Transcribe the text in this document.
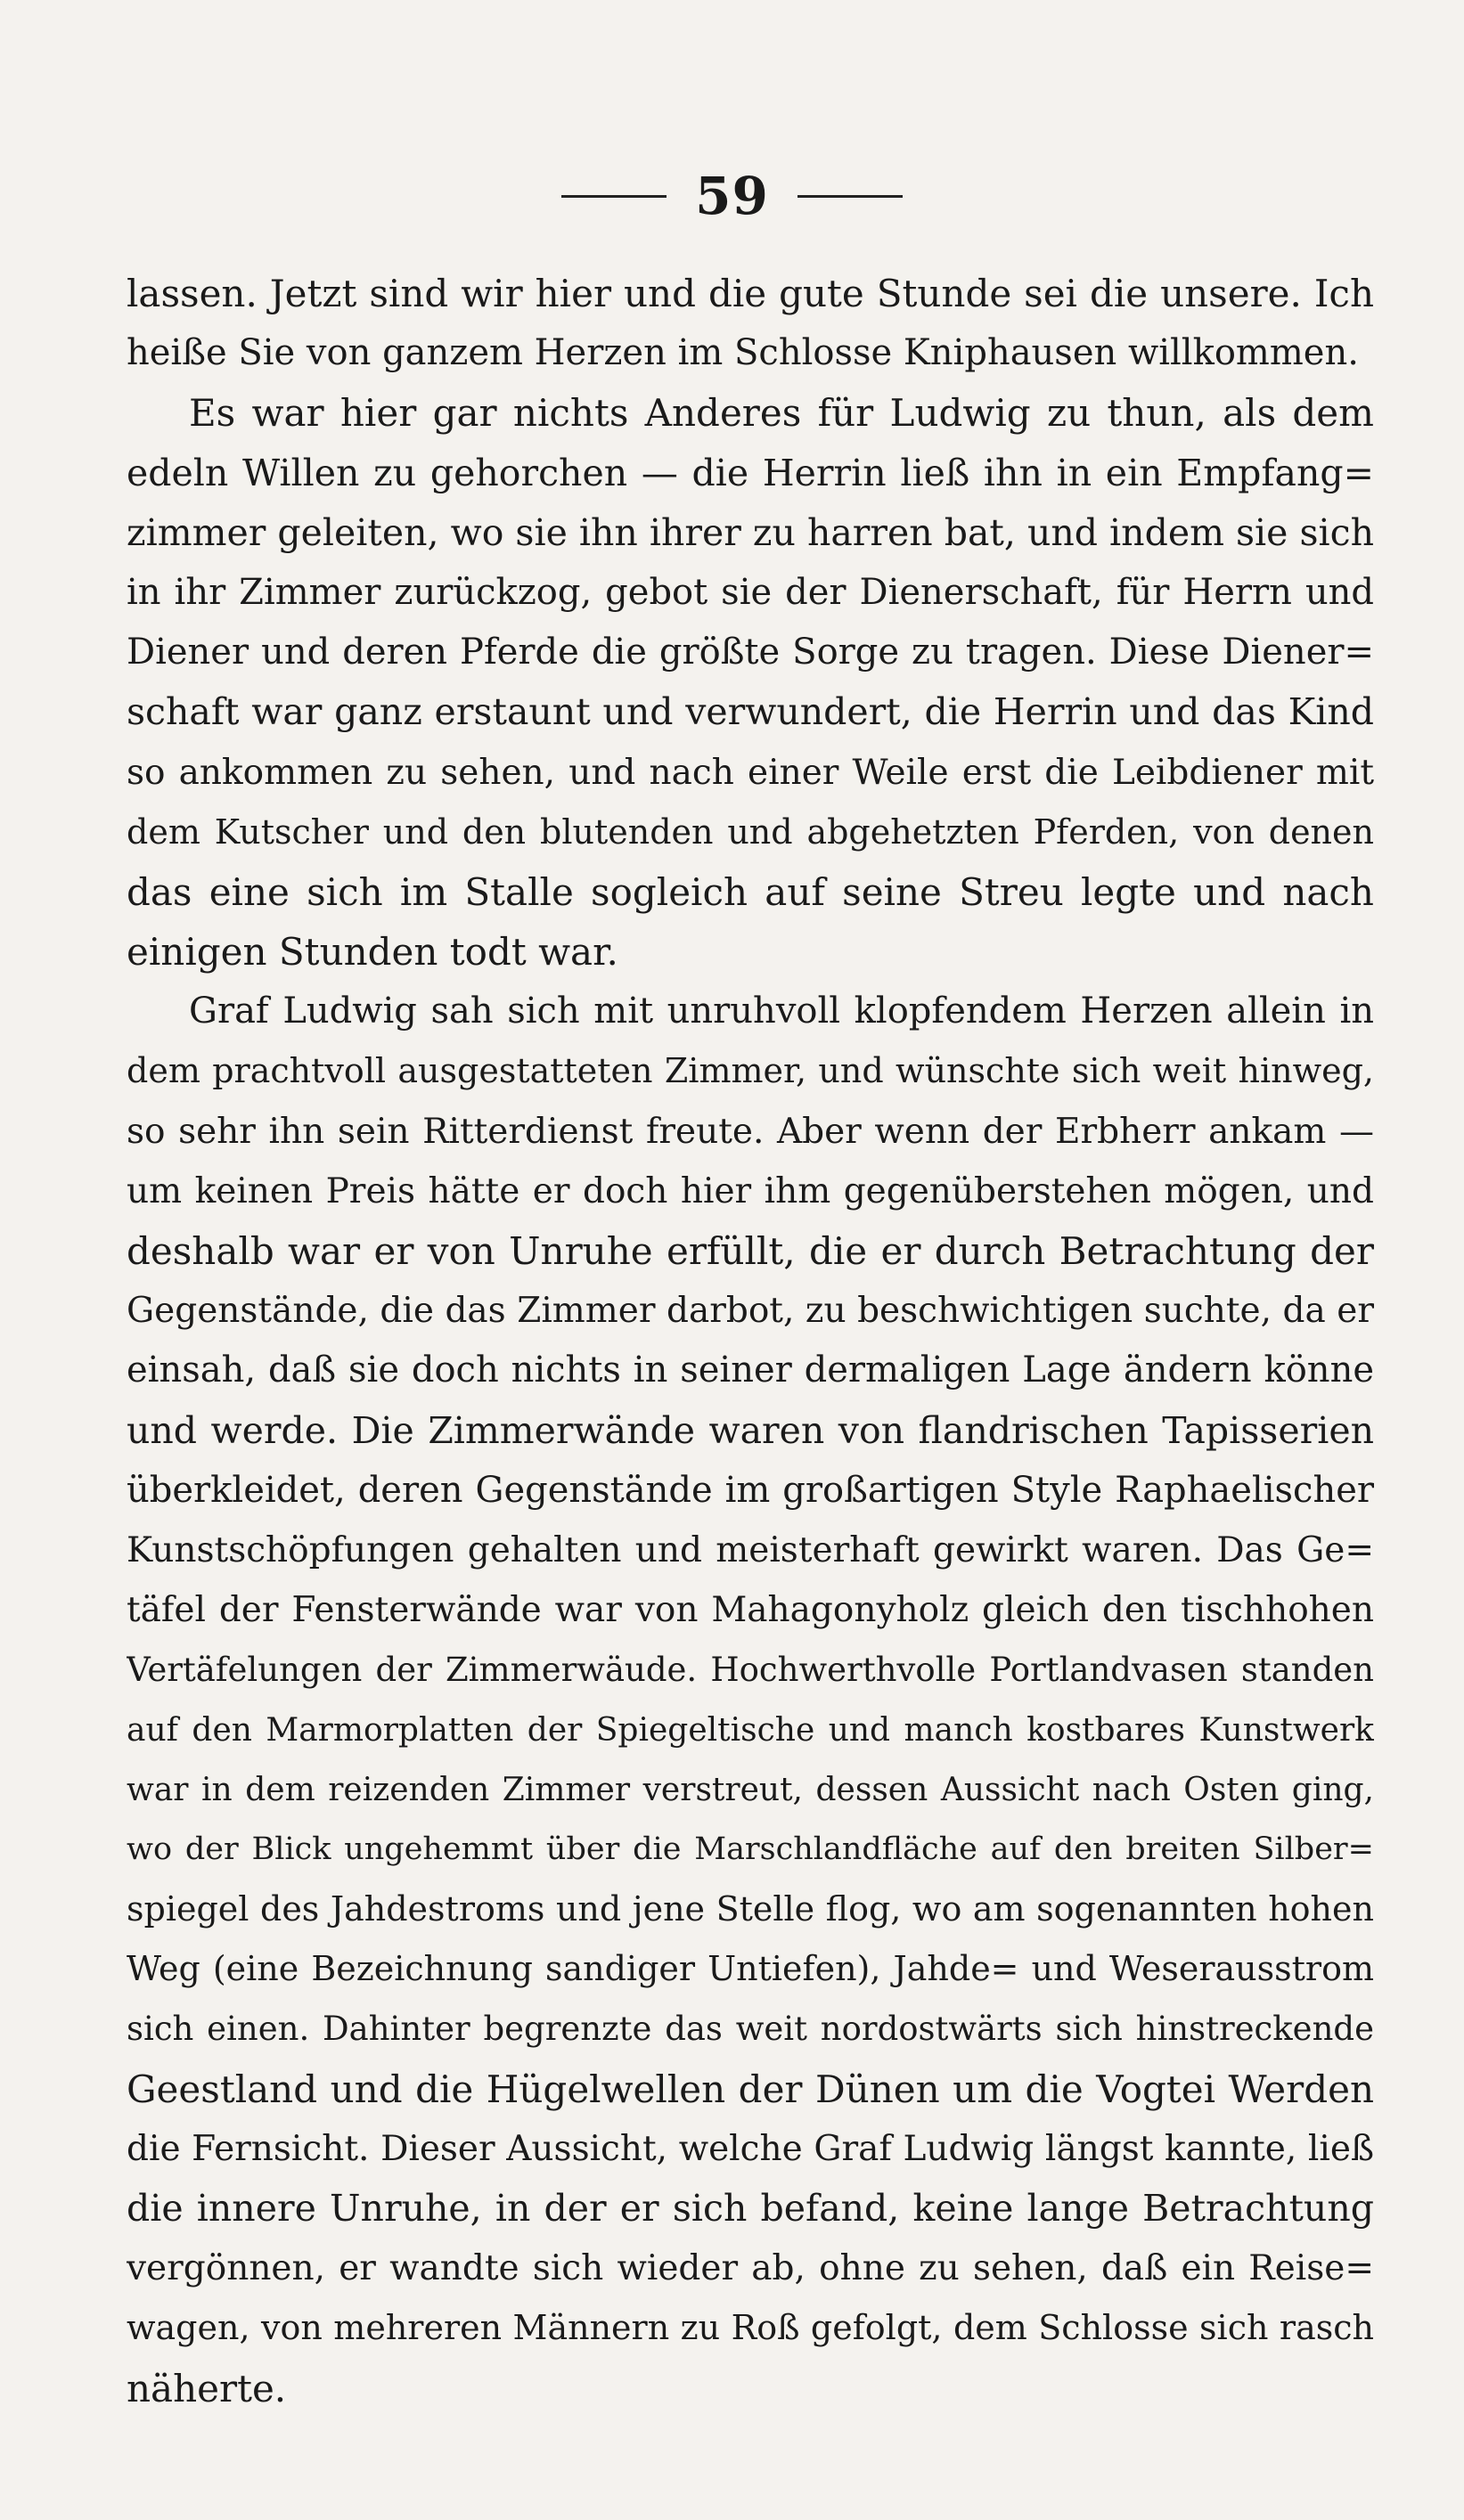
59
lassen. Jetzt sind wir hier und die gute Stunde sei die unsere. Ich
heiße Sie von ganzem Herzen im Schlosse Kniphausen willkommen.
Es war hier gar nichts Anderes für Ludwig zu thun, als dem
edeln Willen zu gehorchen — die Herrin ließ ihn in ein Empfang=
zimmer geleiten, wo sie ihn ihrer zu harren bat, und indem sie sich
in ihr Zimmer zurückzog, gebot sie der Dienerschaft, für Herrn und
Diener und deren Pferde die größte Sorge zu tragen. Diese Diener=
schaft war ganz erstaunt und verwundert, die Herrin und das Kind
so ankommen zu sehen, und nach einer Weile erst die Leibdiener mit
dem Kutscher und den blutenden und abgehetzten Pferden, von denen
das eine sich im Stalle sogleich auf seine Streu legte und nach
einigen Stunden todt war.
Graf Ludwig sah sich mit unruhvoll klopfendem Herzen allein in
dem prachtvoll ausgestatteten Zimmer, und wünschte sich weit hinweg,
so sehr ihn sein Ritterdienst freute. Aber wenn der Erbherr ankam —
um keinen Preis hätte er doch hier ihm gegenüberstehen mögen, und
deshalb war er von Unruhe erfüllt, die er durch Betrachtung der
Gegenstände, die das Zimmer darbot, zu beschwichtigen suchte, da er
einsah, daß sie doch nichts in seiner dermaligen Lage ändern könne
und werde. Die Zimmerwände waren von flandrischen Tapisserien
überkleidet, deren Gegenstände im großartigen Style Raphaelischer
Kunstschöpfungen gehalten und meisterhaft gewirkt waren. Das Ge=
täfel der Fensterwände war von Mahagonyholz gleich den tischhohen
Vertäfelungen der Zimmerwäude. Hochwerthvolle Portlandvasen standen
auf den Marmorplatten der Spiegeltische und manch kostbares Kunstwerk
war in dem reizenden Zimmer verstreut, dessen Aussicht nach Osten ging,
wo der Blick ungehemmt über die Marschlandfläche auf den breiten Silber=
spiegel des Jahdestroms und jene Stelle flog, wo am sogenannten hohen
Weg (eine Bezeichnung sandiger Untiefen), Jahde= und Weserausstrom
sich einen. Dahinter begrenzte das weit nordostwärts sich hinstreckende
Geestland und die Hügelwellen der Dünen um die Vogtei Werden
die Fernsicht. Dieser Aussicht, welche Graf Ludwig längst kannte, ließ
die innere Unruhe, in der er sich befand, keine lange Betrachtung
vergönnen, er wandte sich wieder ab, ohne zu sehen, daß ein Reise=
wagen, von mehreren Männern zu Roß gefolgt, dem Schlosse sich rasch
näherte.
